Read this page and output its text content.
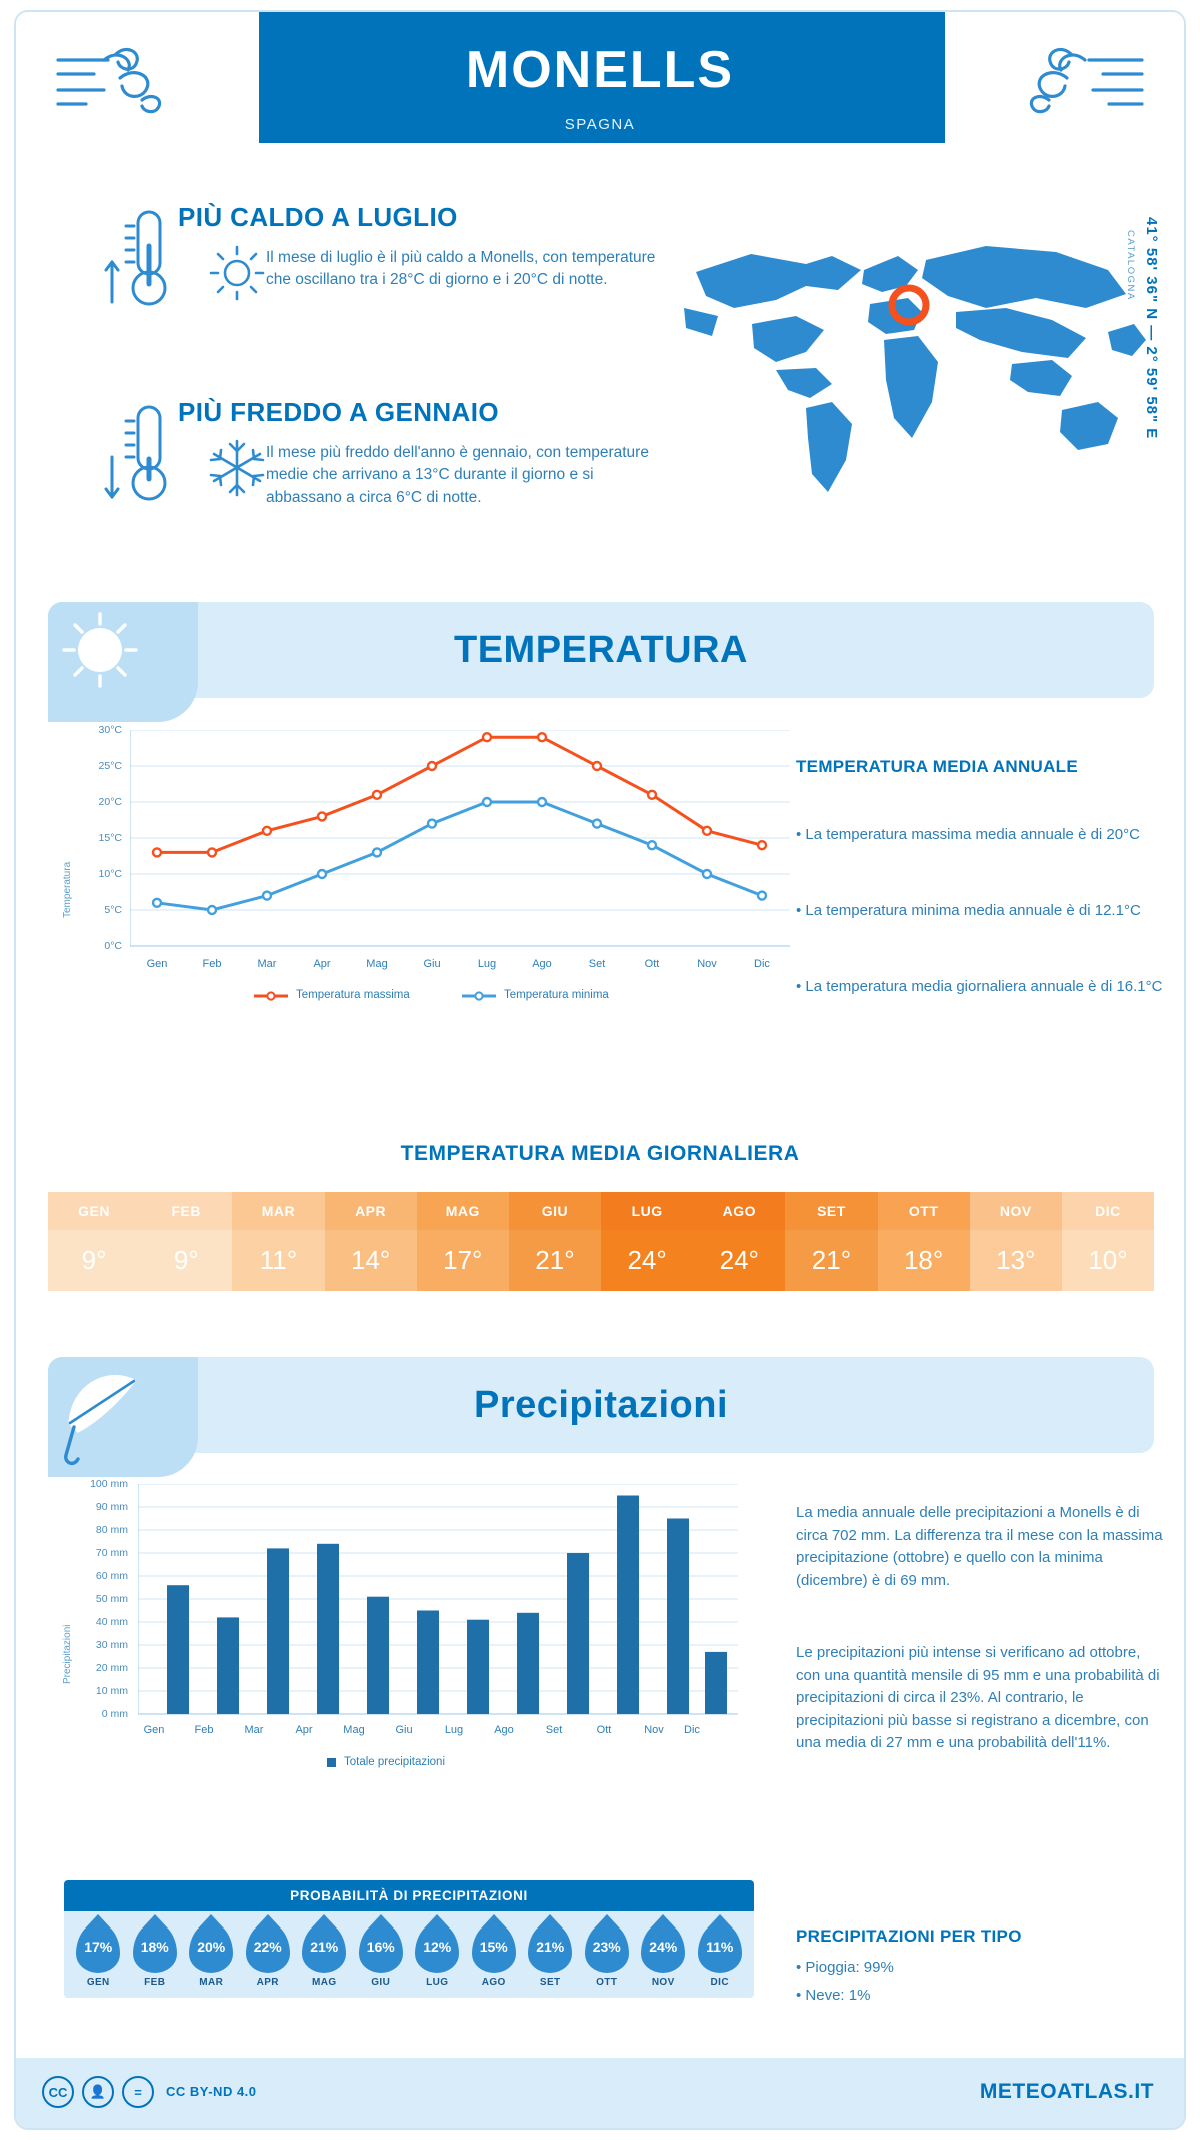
MONELLS
SPAGNA
PIÙ CALDO A LUGLIO
Il mese di luglio è il più caldo a Monells, con temperature che oscillano tra i 28°C di giorno e i 20°C di notte.
PIÙ FREDDO A GENNAIO
Il mese più freddo dell'anno è gennaio, con temperature medie che arrivano a 13°C durante il giorno e si abbassano a circa 6°C di notte.
41° 58' 36" N — 2° 59' 58" E
CATALOGNA
TEMPERATURA
Temperatura
30°C
25°C
20°C
15°C
10°C
5°C
0°C
Gen	Feb	Mar	Apr	Mag	Giu	Lug	Ago	Set	Ott	Nov	Dic
Temperatura massima	Temperatura minima
TEMPERATURA MEDIA ANNUALE
• La temperatura massima media annuale è di 20°C
• La temperatura minima media annuale è di 12.1°C
• La temperatura media giornaliera annuale è di 16.1°C
TEMPERATURA MEDIA GIORNALIERA
GEN	FEB	MAR	APR	MAG	GIU	LUG	AGO	SET	OTT	NOV	DIC
9°	9°	11°	14°	17°	21°	24°	24°	21°	18°	13°	10°
Precipitazioni
Precipitazioni
100 mm
90 mm
80 mm
70 mm
60 mm
50 mm
40 mm
30 mm
20 mm
10 mm
0 mm
Gen	Feb	Mar	Apr	Mag	Giu	Lug	Ago	Set	Ott	Nov	Dic
Totale precipitazioni
La media annuale delle precipitazioni a Monells è di circa 702 mm. La differenza tra il mese con la massima precipitazione (ottobre) e quello con la minima (dicembre) è di 69 mm.
Le precipitazioni più intense si verificano ad ottobre, con una quantità mensile di 95 mm e una probabilità di precipitazioni di circa il 23%. Al contrario, le precipitazioni più basse si registrano a dicembre, con una media di 27 mm e una probabilità dell'11%.
PROBABILITÀ DI PRECIPITAZIONI
17%
GEN
18%
FEB
20%
MAR
22%
APR
21%
MAG
16%
GIU
12%
LUG
15%
AGO
21%
SET
23%
OTT
24%
NOV
11%
DIC
PRECIPITAZIONI PER TIPO
• Pioggia: 99%
• Neve: 1%
CC	👤	=	CC BY-ND 4.0	METEOATLAS.IT
